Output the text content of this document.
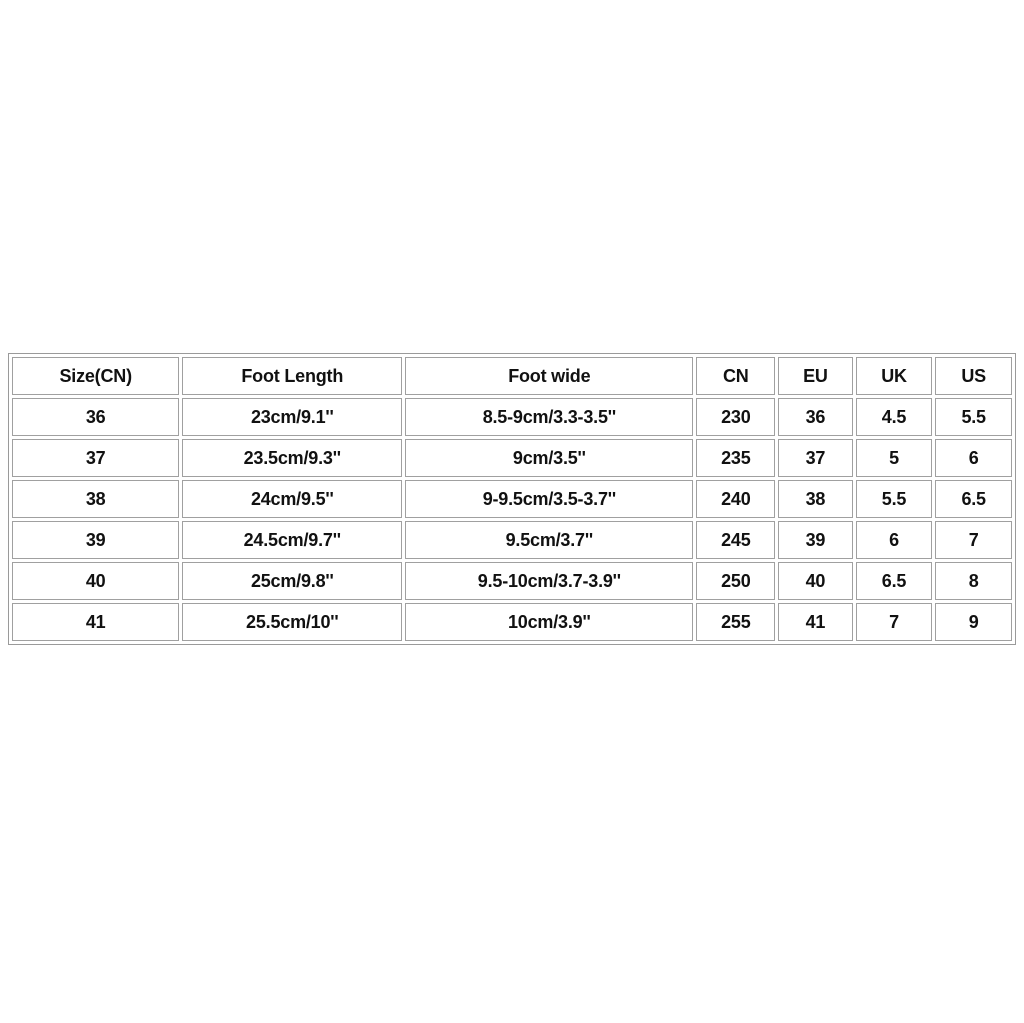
Size(CN)	Foot Length	Foot wide	CN	EU	UK	US
36	23cm/9.1''	8.5-9cm/3.3-3.5''	230	36	4.5	5.5
37	23.5cm/9.3''	9cm/3.5''	235	37	5	6
38	24cm/9.5''	9-9.5cm/3.5-3.7''	240	38	5.5	6.5
39	24.5cm/9.7''	9.5cm/3.7''	245	39	6	7
40	25cm/9.8''	9.5-10cm/3.7-3.9''	250	40	6.5	8
41	25.5cm/10''	10cm/3.9''	255	41	7	9
